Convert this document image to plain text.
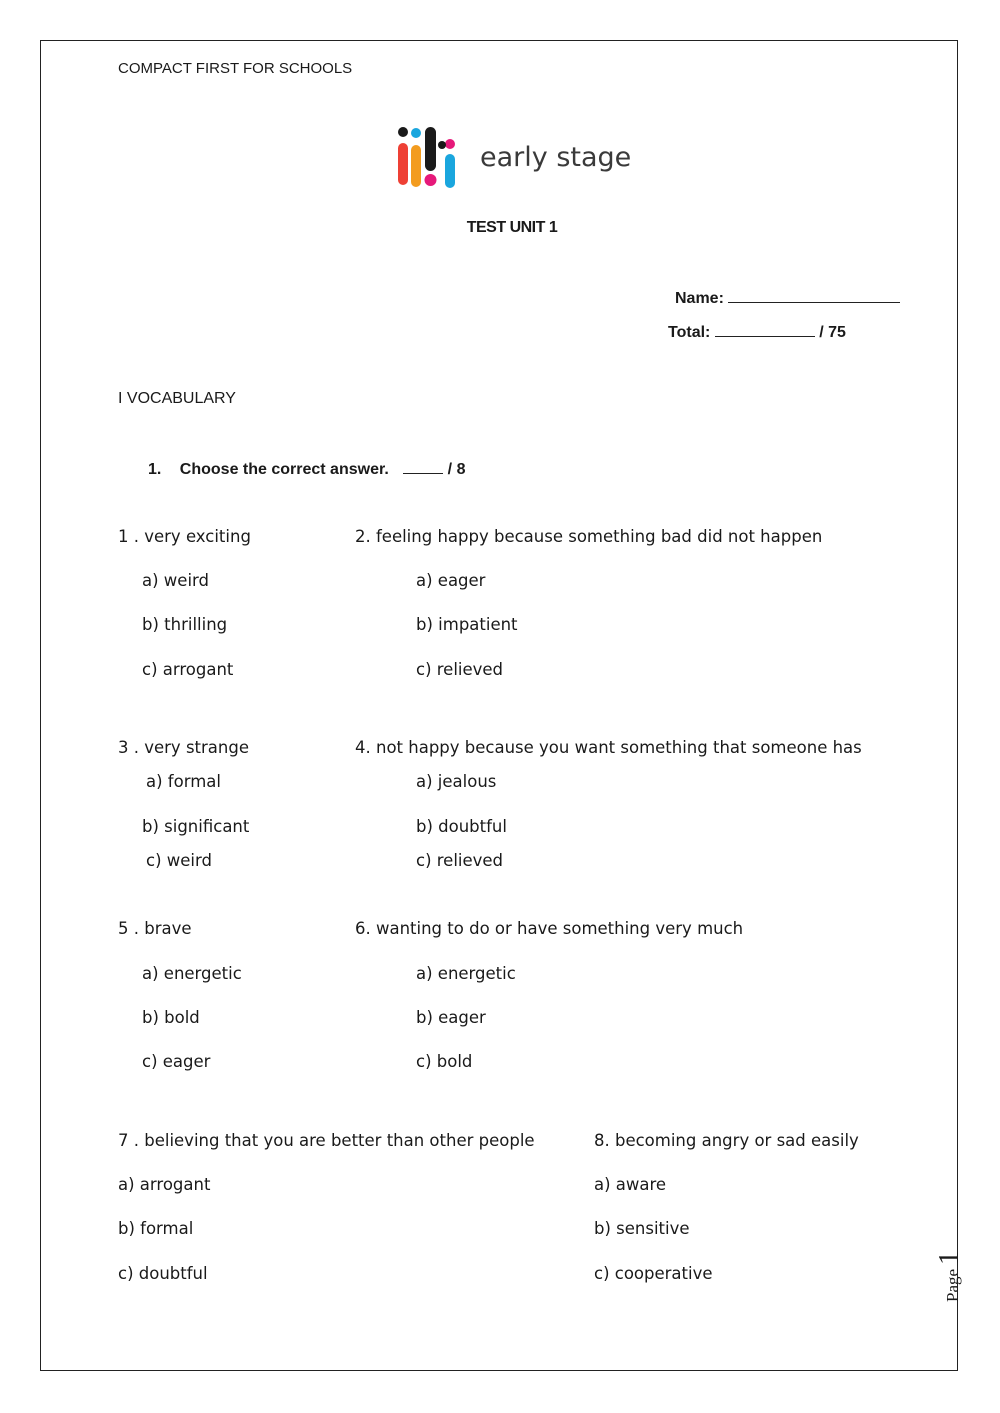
COMPACT FIRST FOR SCHOOLS
early stage
TEST UNIT 1
Name:
Total:	/ 75
I VOCABULARY
1. Choose the correct answer.	/ 8
1 . very exciting
a) weird
b) thrilling
c) arrogant
2. feeling happy because something bad did not happen
a) eager
b) impatient
c) relieved
3 . very strange
a) formal
b) significant
c) weird
4. not happy because you want something that someone has
a) jealous
b) doubtful
c) relieved
5 . brave
a) energetic
b) bold
c) eager
6. wanting to do or have something very much
a) energetic
b) eager
c) bold
7 . believing that you are better than other people
a) arrogant
b) formal
c) doubtful
8. becoming angry or sad easily
a) aware
b) sensitive
c) cooperative	Page 1
